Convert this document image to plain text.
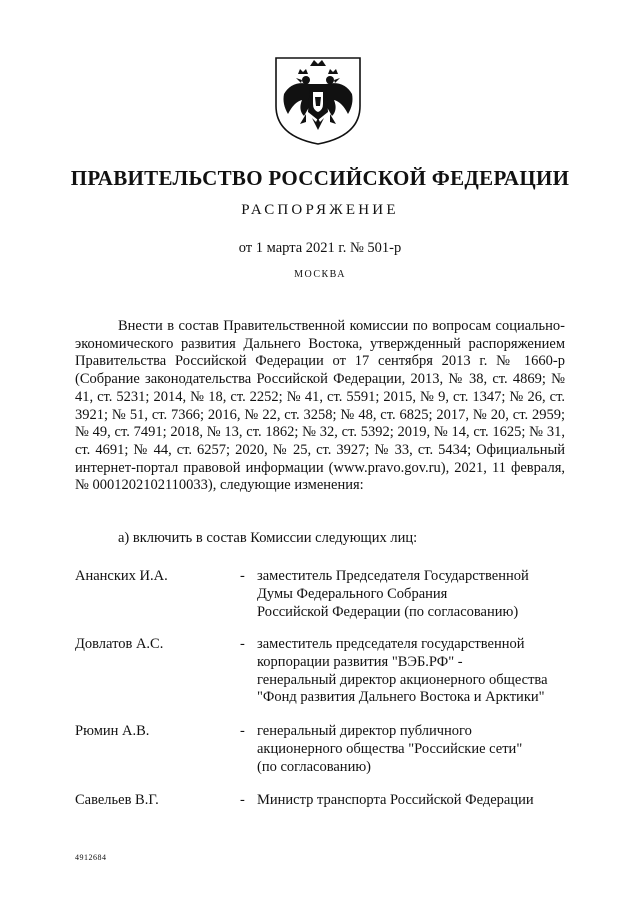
ПРАВИТЕЛЬСТВО РОССИЙСКОЙ ФЕДЕРАЦИИ
РАСПОРЯЖЕНИЕ
от 1 марта 2021 г. № 501-р
МОСКВА

Внести в состав Правительственной комиссии по вопросам социально-экономического развития Дальнего Востока, утвержденный распоряжением Правительства Российской Федерации от 17 сентября 2013 г. № 1660-р (Собрание законодательства Российской Федерации, 2013, № 38, ст. 4869; № 41, ст. 5231; 2014, № 18, ст. 2252; № 41, ст. 5591; 2015, № 9, ст. 1347; № 26, ст. 3921; № 51, ст. 7366; 2016, № 22, ст. 3258; № 48, ст. 6825; 2017, № 20, ст. 2959; № 49, ст. 7491; 2018, № 13, ст. 1862; № 32, ст. 5392; 2019, № 14, ст. 1625; № 31, ст. 4691; № 44, ст. 6257; 2020, № 25, ст. 3927; № 33, ст. 5434; Официальный интернет-портал правовой информации (www.pravo.gov.ru), 2021, 11 февраля, № 0001202102110033), следующие изменения:

а) включить в состав Комиссии следующих лиц:

Ананских И.А.	- заместитель Председателя Государственной
Думы Федерального Собрания
Российской Федерации (по согласованию)
Довлатов А.С.	- заместитель председателя государственной
корпорации развития "ВЭБ.РФ" -
генеральный директор акционерного общества
"Фонд развития Дальнего Востока и Арктики"
Рюмин А.В.	- генеральный директор публичного
акционерного общества "Российские сети"
(по согласованию)
Савельев В.Г.	- Министр транспорта Российской Федерации
4912684
